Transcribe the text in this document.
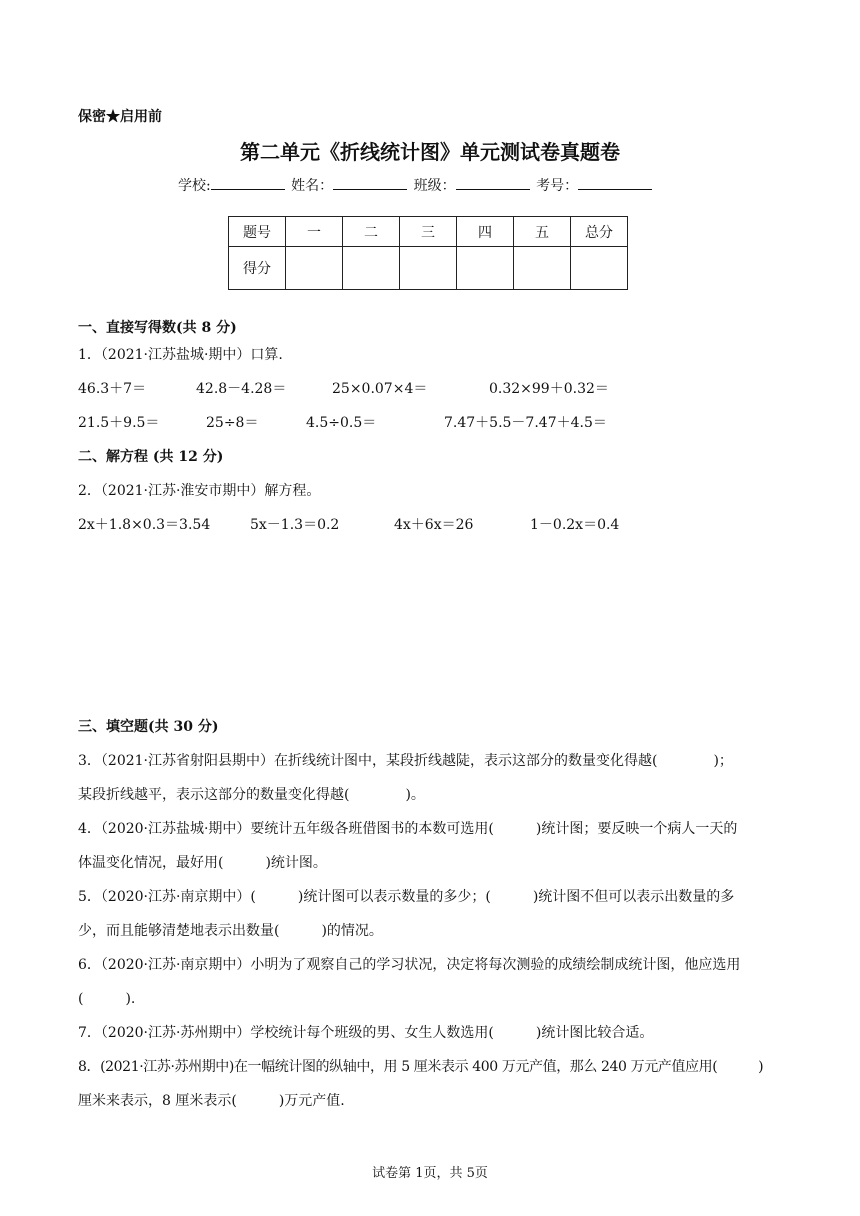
保密★启用前
第二单元《折线统计图》单元测试卷真题卷
学校:	姓名：	班级：	考号：
题号	一	二	三	四	五	总分
得分						
一、直接写得数(共 8 分)
1．（2021·江苏盐城·期中）口算.
46.3＋7＝	42.8－4.28＝	25×0.07×4＝	0.32×99＋0.32＝
21.5＋9.5＝	25÷8＝	4.5÷0.5＝	7.47＋5.5－7.47＋4.5＝
二、解方程 (共 12 分)
2．（2021·江苏·淮安市期中）解方程。
2x＋1.8×0.3＝3.54	5x－1.3＝0.2	4x＋6x＝26	1－0.2x＝0.4
三、填空题(共 30 分)
3．（2021·江苏省射阳县期中）在折线统计图中，某段折线越陡，表示这部分的数量变化得越(　　　　)；
某段折线越平，表示这部分的数量变化得越(　　　　)。
4．（2020·江苏盐城·期中）要统计五年级各班借图书的本数可选用(　　　)统计图；要反映一个病人一天的
体温变化情况，最好用(　　　)统计图。
5．（2020·江苏·南京期中）(　　　)统计图可以表示数量的多少；(　　　)统计图不但可以表示出数量的多
少，而且能够清楚地表示出数量(　　　)的情况。
6．（2020·江苏·南京期中）小明为了观察自己的学习状况，决定将每次测验的成绩绘制成统计图，他应选用
(　　　).
7．（2020·江苏·苏州期中）学校统计每个班级的男、女生人数选用(　　　)统计图比较合适。
8．(2021·江苏·苏州期中)在一幅统计图的纵轴中，用 5 厘米表示 400 万元产值，那么 240 万元产值应用(　　　)
厘米来表示，8 厘米表示(　　　)万元产值.
试卷第 1页，共 5页
